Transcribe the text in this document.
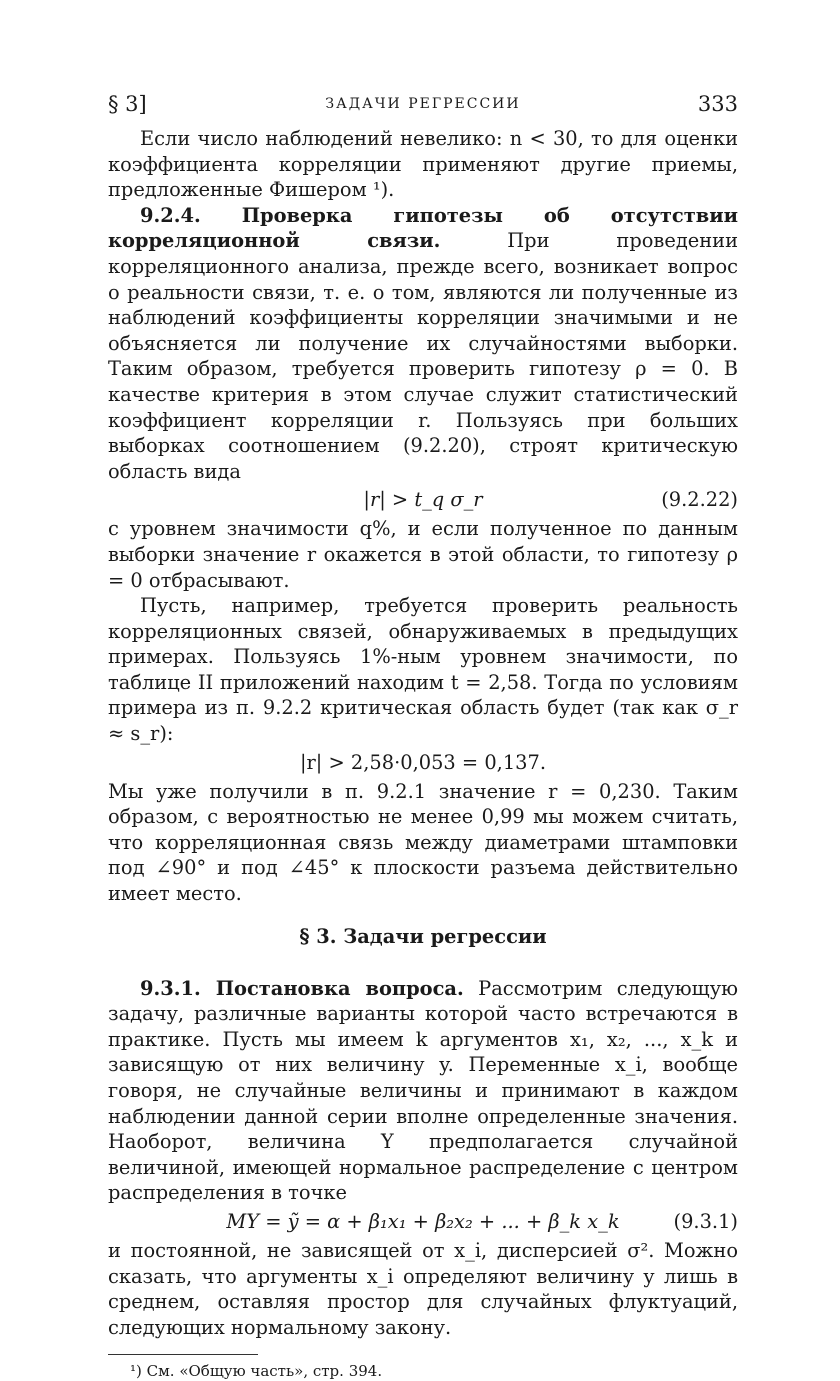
§ 3]	ЗАДАЧИ РЕГРЕССИИ	333

Если число наблюдений невелико: n < 30, то для оценки коэффициента корреляции применяют другие приемы, предложенные Фишером ¹).

9.2.4. Проверка гипотезы об отсутствии корреляционной связи.	При проведении корреляционного анализа, прежде всего, возникает вопрос о реальности связи, т. е. о том, являются ли полученные из наблюдений коэффициенты корреляции значимыми и не объясняется ли получение их случайностями выборки. Таким образом, требуется проверить гипотезу ρ = 0. В качестве критерия в этом случае служит статистический коэффициент корреляции r. Пользуясь при больших выборках соотношением (9.2.20), строят критическую область вида

|r| > t_q σ_r	(9.2.22)

с уровнем значимости q%, и если полученное по данным выборки значение r окажется в этой области, то гипотезу ρ = 0 отбрасывают.

Пусть, например, требуется проверить реальность корреляционных связей, обнаруживаемых в предыдущих примерах. Пользуясь 1%-ным уровнем значимости, по таблице II приложений находим t = 2,58. Тогда по условиям примера из п. 9.2.2 критическая область будет (так как σ_r ≈ s_r):

|r| > 2,58·0,053 = 0,137.

Мы уже получили в п. 9.2.1 значение r = 0,230. Таким образом, с вероятностью не менее 0,99 мы можем считать, что корреляционная связь между диаметрами штамповки под ∠90° и под ∠45° к плоскости разъема действительно имеет место.

§ 3. Задачи регрессии

9.3.1. Постановка вопроса. Рассмотрим следующую задачу, различные варианты которой часто встречаются в практике. Пусть мы имеем k аргументов x₁, x₂, ..., x_k и зависящую от них величину y. Переменные x_i, вообще говоря, не случайные величины и принимают в каждом наблюдении данной серии вполне определенные значения. Наоборот, величина Y предполагается случайной величиной, имеющей нормальное распределение с центром распределения в точке

MY = ỹ = α + β₁x₁ + β₂x₂ + ... + β_k x_k	(9.3.1)

и постоянной, не зависящей от x_i, дисперсией σ². Можно сказать, что аргументы x_i определяют величину y лишь в среднем, оставляя простор для случайных флуктуаций, следующих нормальному закону.

¹) См. «Общую часть», стр. 394.
